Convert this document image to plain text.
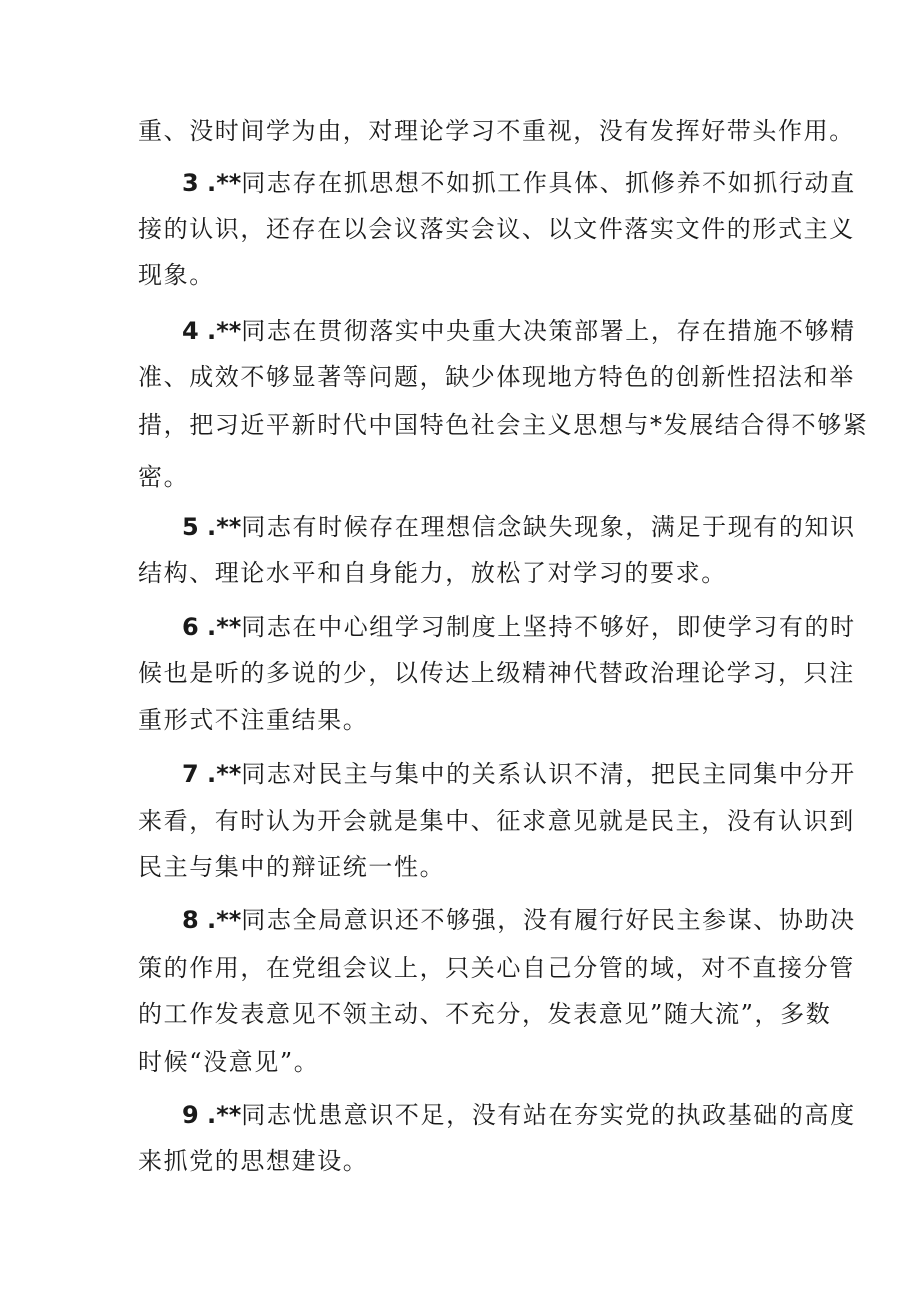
重、没时间学为由，对理论学习不重视，没有发挥好带头作用。
3 .**同志存在抓思想不如抓工作具体、抓修养不如抓行动直
接的认识，还存在以会议落实会议、以文件落实文件的形式主义
现象。
4 .**同志在贯彻落实中央重大决策部署上，存在措施不够精
准、成效不够显著等问题，缺少体现地方特色的创新性招法和举
措，把习近平新时代中国特色社会主义思想与*发展结合得不够紧
密。
5 .**同志有时候存在理想信念缺失现象，满足于现有的知识
结构、理论水平和自身能力，放松了对学习的要求。
6 .**同志在中心组学习制度上坚持不够好，即使学习有的时
候也是听的多说的少，以传达上级精神代替政治理论学习，只注
重形式不注重结果。
7 .**同志对民主与集中的关系认识不清，把民主同集中分开
来看，有时认为开会就是集中、征求意见就是民主，没有认识到
民主与集中的辩证统一性。
8 .**同志全局意识还不够强，没有履行好民主参谋、协助决
策的作用，在党组会议上，只关心自己分管的域，对不直接分管
的工作发表意见不领主动、不充分，发表意见”随大流”，多数
时候“没意见”。
9 .**同志忧患意识不足，没有站在夯实党的执政基础的高度
来抓党的思想建设。
